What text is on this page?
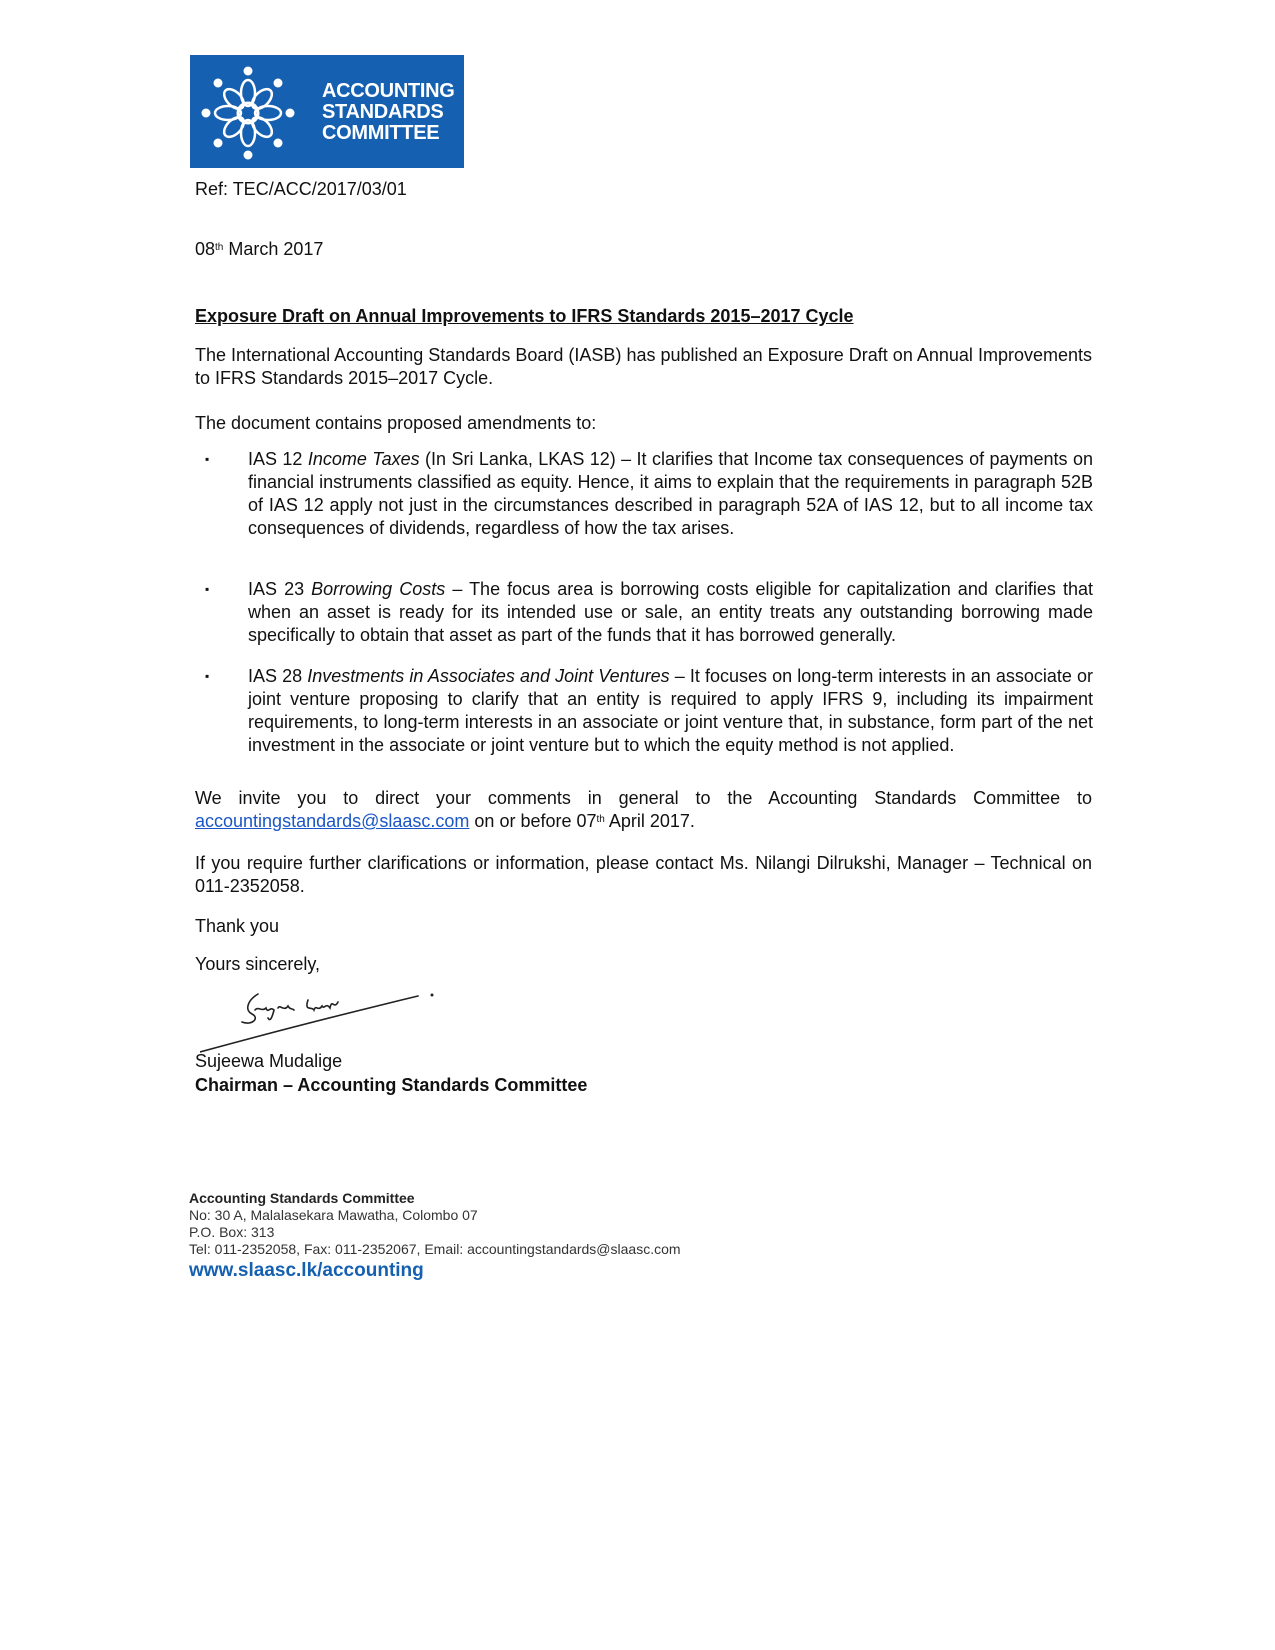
ACCOUNTING
STANDARDS
COMMITTEE
Ref: TEC/ACC/2017/03/01
08th March 2017
Exposure Draft on Annual Improvements to IFRS Standards 2015–2017 Cycle
The International Accounting Standards Board (IASB) has published an Exposure Draft on Annual Improvements to IFRS Standards 2015–2017 Cycle.
The document contains proposed amendments to:
▪ IAS 12 Income Taxes (In Sri Lanka, LKAS 12) – It clarifies that Income tax consequences of payments on financial instruments classified as equity. Hence, it aims to explain that the requirements in paragraph 52B of IAS 12 apply not just in the circumstances described in paragraph 52A of IAS 12, but to all income tax consequences of dividends, regardless of how the tax arises.
▪ IAS 23 Borrowing Costs – The focus area is borrowing costs eligible for capitalization and clarifies that when an asset is ready for its intended use or sale, an entity treats any outstanding borrowing made specifically to obtain that asset as part of the funds that it has borrowed generally.
▪ IAS 28 Investments in Associates and Joint Ventures – It focuses on long-term interests in an associate or joint venture proposing to clarify that an entity is required to apply IFRS 9, including its impairment requirements, to long-term interests in an associate or joint venture that, in substance, form part of the net investment in the associate or joint venture but to which the equity method is not applied.
We invite you to direct your comments in general to the Accounting Standards Committee to accountingstandards@slaasc.com on or before 07th April 2017.
If you require further clarifications or information, please contact Ms. Nilangi Dilrukshi, Manager – Technical on 011-2352058.
Thank you
Yours sincerely,
Sujeewa Mudalige
Chairman – Accounting Standards Committee
Accounting Standards Committee
No: 30 A, Malalasekara Mawatha, Colombo 07
P.O. Box: 313
Tel: 011-2352058, Fax: 011-2352067, Email: accountingstandards@slaasc.com
www.slaasc.lk/accounting
